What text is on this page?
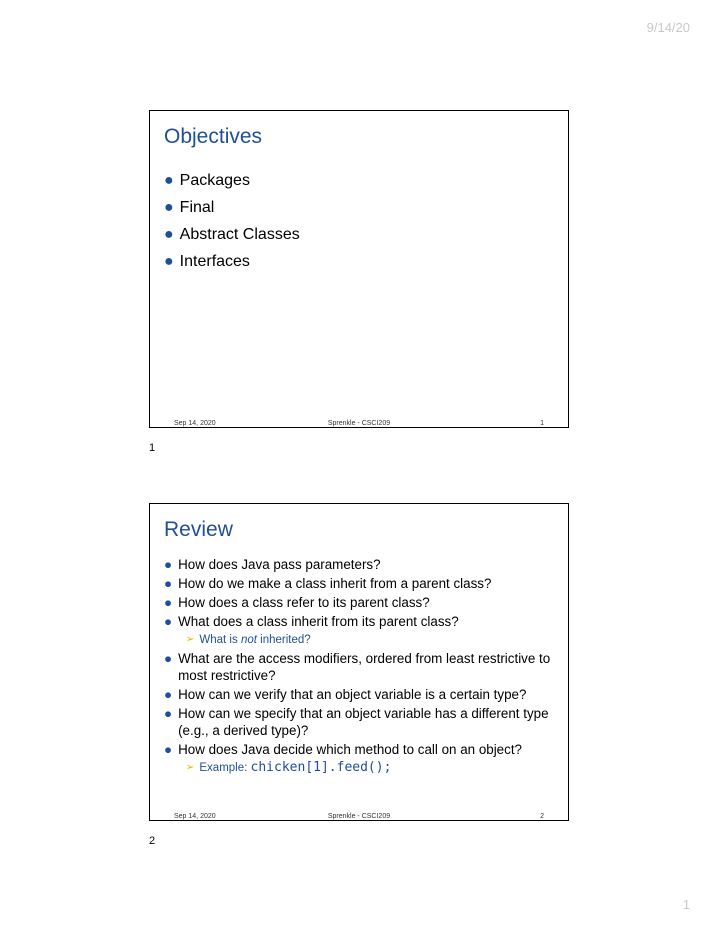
9/14/20
Objectives
● Packages
● Final
● Abstract Classes
● Interfaces
Sep 14, 2020	Sprenkle - CSCI209	1
1
Review
● How does Java pass parameters?
● How do we make a class inherit from a parent class?
● How does a class refer to its parent class?
● What does a class inherit from its parent class?
➢ What is
not
inherited?
● What are the access modifiers, ordered from least restrictive to most restrictive?
● How can we verify that an object variable is a certain type?
● How can we specify that an object variable has a different type (e.g., a derived type)?
● How does Java decide which method to call on an object?
➢ Example:
chicken[1].feed();
Sep 14, 2020	Sprenkle - CSCI209	2
2
1
